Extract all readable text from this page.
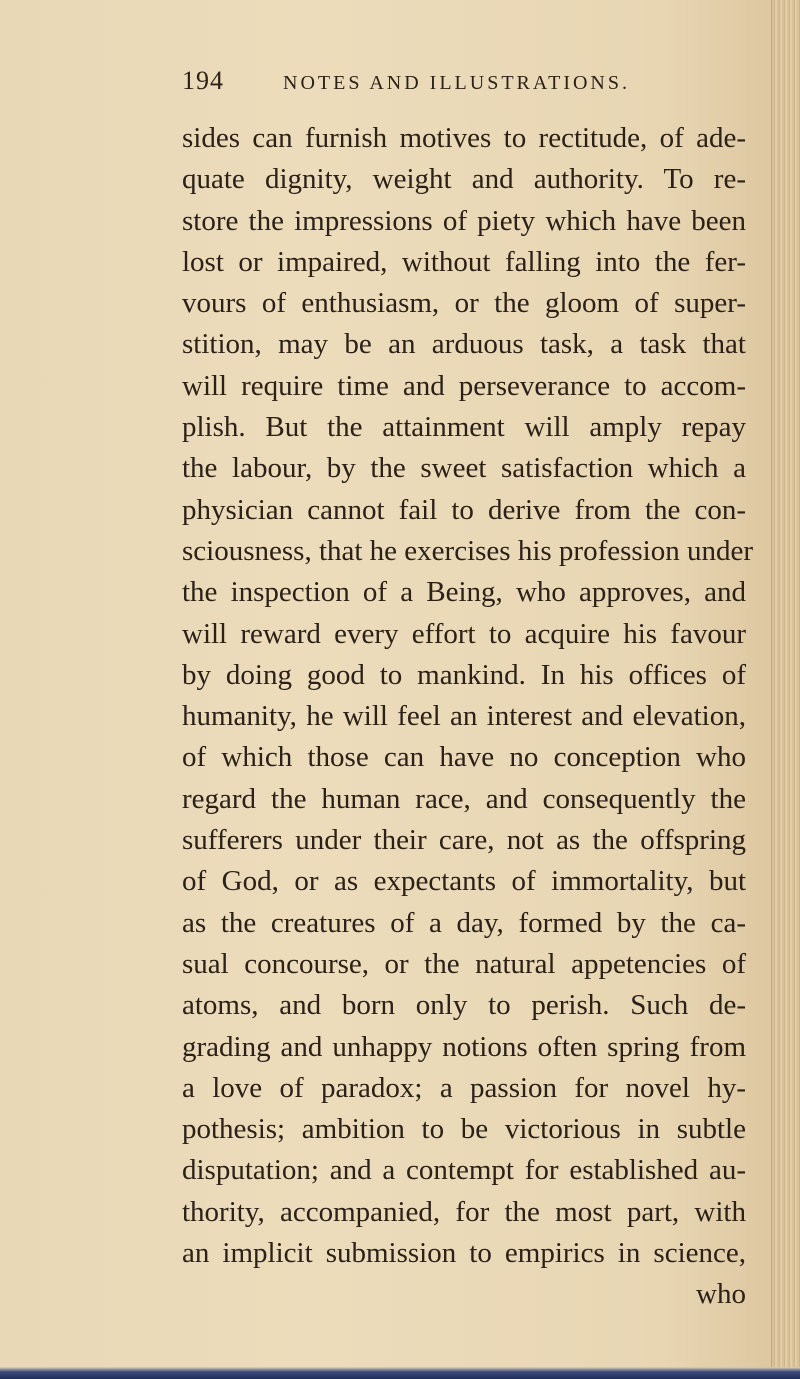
194	NOTES AND ILLUSTRATIONS.
sides can furnish motives to rectitude, of ade-
quate dignity, weight and authority. To re-
store the impressions of piety which have been
lost or impaired, without falling into the fer-
vours of enthusiasm, or the gloom of super-
stition, may be an arduous task, a task that
will require time and perseverance to accom-
plish. But the attainment will amply repay
the labour, by the sweet satisfaction which a
physician cannot fail to derive from the con-
sciousness, that he exercises his profession under
the inspection of a Being, who approves, and
will reward every effort to acquire his favour
by doing good to mankind. In his offices of
humanity, he will feel an interest and elevation,
of which those can have no conception who
regard the human race, and consequently the
sufferers under their care, not as the offspring
of God, or as expectants of immortality, but
as the creatures of a day, formed by the ca-
sual concourse, or the natural appetencies of
atoms, and born only to perish. Such de-
grading and unhappy notions often spring from
a love of paradox; a passion for novel hy-
pothesis; ambition to be victorious in subtle
disputation; and a contempt for established au-
thority, accompanied, for the most part, with
an implicit submission to empirics in science,
who
